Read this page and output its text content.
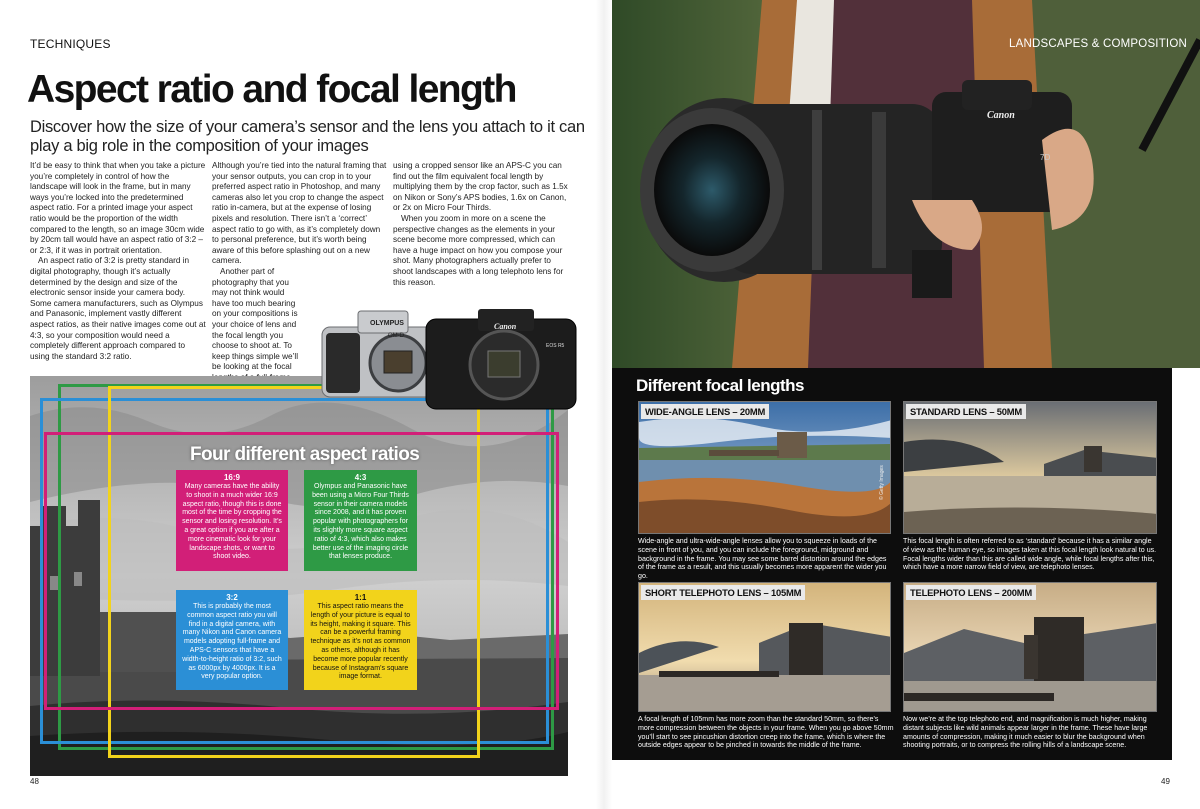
TECHNIQUES
Aspect ratio and focal length

Discover how the size of your camera’s sensor and the lens you attach to it can play a big role in the composition of your images

It’d be easy to think that when you take a picture you’re completely in control of how the landscape will look in the frame, but in many ways you’re locked into the predetermined aspect ratio. For a printed image your aspect ratio would be the proportion of the width compared to the length, so an image 30cm wide by 20cm tall would have an aspect ratio of 3:2 – or 2:3, if it was in portrait orientation.

An aspect ratio of 3:2 is pretty standard in digital photography, though it’s actually determined by the design and size of the electronic sensor inside your camera body. Some camera manufacturers, such as Olympus and Panasonic, implement vastly different aspect ratios, as their native images come out at 4:3, so your composition would need a completely different approach compared to using the standard 3:2 ratio.

Although you’re tied into the natural framing that your sensor outputs, you can crop in to your preferred aspect ratio in Photoshop, and many cameras also let you crop to change the aspect ratio in-camera, but at the expense of losing pixels and resolution. There isn’t a ‘correct’ aspect ratio to go with, as it’s completely down to personal preference, but it’s worth being aware of this before splashing out on a new camera.

Another part of photography that you may not think would have too much bearing on your compositions is your choice of lens and the focal length you choose to shoot at. To keep things simple we’ll be looking at the focal

using a cropped sensor like an APS-C you can find out the film equivalent focal length by multiplying them by the crop factor, such as 1.5x on Nikon or Sony’s APS bodies, 1.6x on Canon, or 2x on Micro Four Thirds.

When you zoom in more on a scene the perspective changes as the elements in your scene become more compressed, which can have a huge impact on how you compose your shot. Many photographers actually prefer to shoot landscapes with a long telephoto lens for this reason.

Four different aspect ratios
16:9
Many cameras have the ability to shoot in a much wider 16:9 aspect ratio, though this is done most of the time by cropping the sensor and losing resolution. It’s a great option if you are after a more cinematic look for your landscape shots, or want to shoot video.
4:3
Olympus and Panasonic have been using a Micro Four Thirds sensor in their camera models since 2008, and it has proven popular with photographers for its slightly more square aspect ratio of 4:3, which also makes better use of the imaging circle that lenses produce.
3:2
This is probably the most common aspect ratio you will find in a digital camera, with many Nikon and Canon camera models adopting full-frame and APS-C sensors that have a width-to-height ratio of 3:2, such as 6000px by 4000px. It is a very popular option.
1:1
This aspect ratio means the length of your picture is equal to its height, making it square. This can be a powerful framing technique as it’s not as common as others, although it has become more popular recently because of Instagram’s square image format.
OLYMPUS
OM-D
Canon
EOS R5
48
Canon
7D
LANDSCAPES & COMPOSITION
Different focal lengths
WIDE-ANGLE LENS – 20MM
© Getty Images
Wide-angle and ultra-wide-angle lenses allow you to squeeze in loads of the scene in front of you, and you can include the foreground, midground and background in the frame. You may see some barrel distortion around the edges of the frame as a result, and this usually becomes more apparent the wider you go.
STANDARD LENS – 50MM
This focal length is often referred to as ‘standard’ because it has a similar angle of view as the human eye, so images taken at this focal length look natural to us. Focal lengths wider than this are called wide angle, while focal lengths after this, which have a more narrow field of view, are telephoto lenses.
SHORT TELEPHOTO LENS – 105MM
A focal length of 105mm has more zoom than the standard 50mm, so there’s more compression between the objects in your frame. When you go above 50mm you’ll start to see pincushion distortion creep into the frame, which is where the outside edges appear to be pinched in towards the middle of the frame.
TELEPHOTO LENS – 200MM
Now we’re at the top telephoto end, and magnification is much higher, making distant subjects like wild animals appear larger in the frame. These have large amounts of compression, making it much easier to blur the background when shooting portraits, or to compress the rolling hills of a landscape scene.
49
